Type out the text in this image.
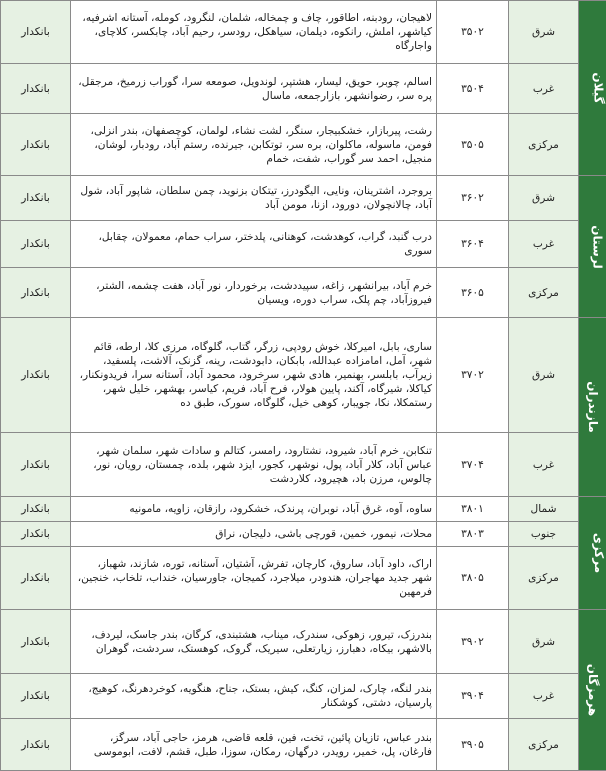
گیلان	شرق	۳۵۰۲	لاهیجان، رودبنه، اطاقور، چاف و چمخاله، شلمان، لنگرود، کومله، آستانه اشرفیه، کیاشهر، املش، رانکوه، دیلمان، سیاهکل، رودسر، رحیم آباد، چابکسر، کلاچای، واجارگاه	بانکدار
	غرب	۳۵۰۴	اسالم، چوبر، حویق، لیسار، هشتپر، لوندویل، صومعه سرا، گوراب زرمیخ، مرجقل، پره سر، رضوانشهر، بازارجمعه، ماسال	بانکدار
	مرکزی	۳۵۰۵	رشت، پیربازار، خشکبیجار، سنگر، لشت نشاء، لولمان، کوچصفهان، بندر انزلی، فومن، ماسوله، ماکلوان، بره سر، توتکابن، جیرنده، رستم آباد، رودبار، لوشان، منجیل، احمد سر گوراب، شفت، خمام	بانکدار
لرستان	شرق	۳۶۰۲	بروجرد، اشترینان، ونایی، الیگودرز، تیتکان بزنوید، چمن سلطان، شاپور آباد، شول آباد، چالانچولان، دورود، ازنا، مومن آباد	بانکدار
	غرب	۳۶۰۴	درب گنبد، گراب، کوهدشت، کوهنانی، پلدختر، سراب حمام، معمولان، چقابل، سوری	بانکدار
	مرکزی	۳۶۰۵	خرم آباد، بیرانشهر، زاغه، سپیددشت، برخوردار، نور آباد، هفت چشمه، الشتر، فیروزآباد، چم پلک، سراب دوره، ویسیان	بانکدار
مازندران	شرق	۳۷۰۲	ساری، بابل، امیرکلا، خوش رودپی، زرگر، گتاب، گلوگاه، مرزی کلا، ارطه، قائم شهر، آمل، امامزاده عبدالله، بابکان، دابودشت، رینه، گزنک، آلاشت، پلسفید، زیرآب، بابلسر، بهنمیر، هادی شهر، سرخرود، محمود آباد، آستانه سرا، فریدونکنار، کیاکلا، شیرگاه، آکند، پایین هولار، فرح آباد، فریم، کیاسر، بهشهر، خلیل شهر، رستمکلا، نکا، جویبار، کوهی خیل، گلوگاه، سورک، طبق ده	بانکدار
	غرب	۳۷۰۴	تنکابن، خرم آباد، شیرود، نشتارود، رامسر، کتالم و سادات شهر، سلمان شهر، عباس آباد، کلار آباد، پول، نوشهر، کجور، ایزد شهر، بلده، چمستان، رویان، نور، چالوس، مرزن باد، هچیرود، کلاردشت	بانکدار
مرکزی	شمال	۳۸۰۱	ساوه، آوه، غرق آباد، نوبران، پرندک، خشکرود، رازقان، زاویه، مامونیه	بانکدار
	جنوب	۳۸۰۳	محلات، نیمور، خمین، قورچی باشی، دلیجان، نراق	بانکدار
	مرکزی	۳۸۰۵	اراک، داود آباد، ساروق، کارچان، تفرش، آشتیان، آستانه، توره، شازند، شهباز، شهر جدید مهاجران، هندودر، میلاجرد، کمیجان، جاورسیان، خنداب، تلخاب، خنجین، فرمهین	بانکدار
هرمزگان	شرق	۳۹۰۲	بندرزک، تیرور، زهوکی، سندرک، میناب، هشتبندی، کرگان، بندر جاسک، لیردف، بالاشهر، بیکاه، دهبارز، زیارتعلی، سیریک، گروک، کوهستک، سردشت، گوهران	بانکدار
	غرب	۳۹۰۴	بندر لنگه، چارک، لمزان، کنگ، کیش، بستک، جناح، هنگویه، کوخردهرنگ، کوهیج، پارسیان، دشتی، کوشکنار	بانکدار
	مرکزی	۳۹۰۵	بندر عباس، تازیان پائین، تخت، فین، قلعه قاضی، هرمز، حاجی آباد، سرگز، فارغان، پل، خمیر، رویدر، درگهان، رمکان، سوزا، طبل، قشم، لافت، ابوموسی	بانکدار
